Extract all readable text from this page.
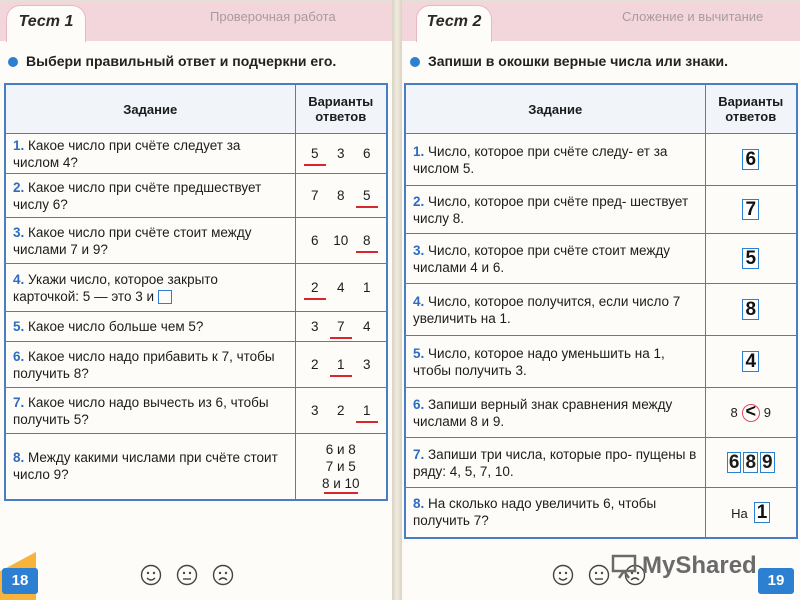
Проверочная работа
Тест 1
Выбери правильный ответ и подчеркни его.
Задание	Варианты ответов
1. Какое число при счёте следует за числом 4?	5 3 6
2. Какое число при счёте предшествует числу 6?	7 8 5
3. Какое число при счёте стоит между числами 7 и 9?	6 10 8
4. Укажи число, которое закрыто карточкой: 5 — это 3 и	2 4 1
5. Какое число больше чем 5?	3 7 4
6. Какое число надо прибавить к 7, чтобы получить 8?	2 1 3
7. Какое число надо вычесть из 6, чтобы получить 5?	3 2 1
8. Между какими числами при счёте стоит число 9?	6 и 8
7 и 5
8 и 10
18
Сложение и вычитание
Тест 2
Запиши в окошки верные числа или знаки.
Задание	Варианты ответов
1. Число, которое при счёте следу- ет за числом 5.	6
2. Число, которое при счёте пред- шествует числу 8.	7
3. Число, которое при счёте стоит между числами 4 и 6.	5
4. Число, которое получится, если число 7 увеличить на 1.	8
5. Число, которое надо уменьшить на 1, чтобы получить 3.	4
6. Запиши верный знак сравнения между числами 8 и 9.	8 < 9
7. Запиши три числа, которые про- пущены в ряду: 4, 5, 7, 10.	6 8 9
8. На сколько надо увеличить 6, чтобы получить 7?	На 1
19
MyShared
